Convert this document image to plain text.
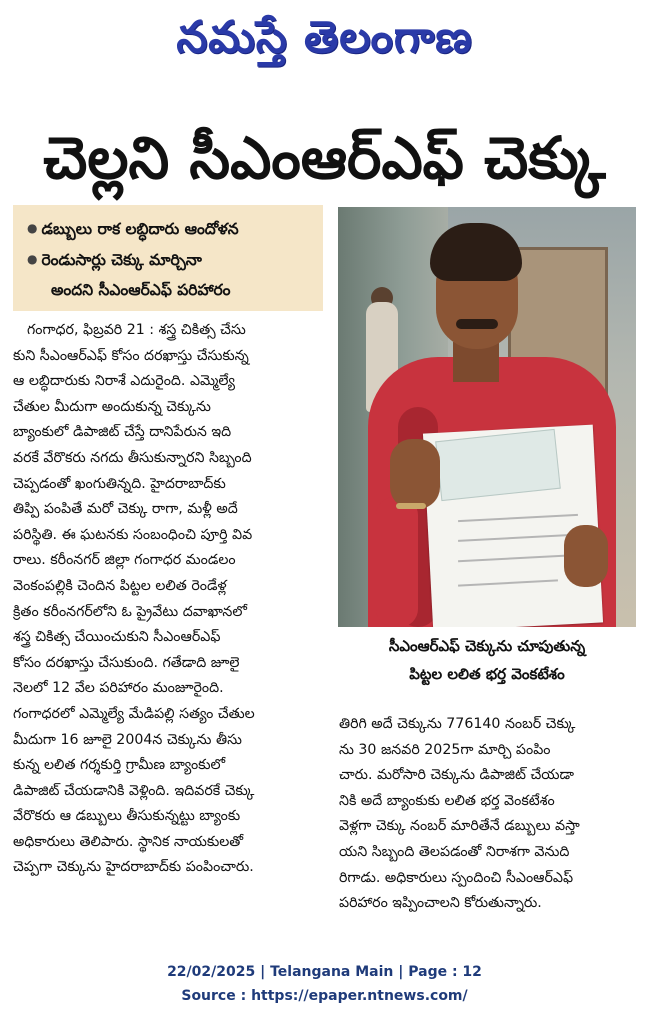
నమస్తే తెలంగాణ
చెల్లని సీఎంఆర్‌ఎఫ్ చెక్కు
● డబ్బులు రాక లబ్ధిదారు ఆందోళన
● రెండుసార్లు చెక్కు మార్చినా
అందని సీఎంఆర్‌ఎఫ్ పరిహారం
గంగాధర, ఫిబ్రవరి 21 : శస్త్ర చికిత్స చేసు
కుని సీఎంఆర్‌ఎఫ్ కోసం దరఖాస్తు చేసుకున్న
ఆ లబ్ధిదారుకు నిరాశే ఎదురైంది. ఎమ్మెల్యే
చేతుల మీదుగా అందుకున్న చెక్కును
బ్యాంకులో డిపాజిట్ చేస్తే దానిపేరున ఇది
వరకే వేరొకరు నగదు తీసుకున్నారని సిబ్బంది
చెప్పడంతో ఖంగుతిన్నది. హైదరాబాద్‌కు
తిప్పి పంపితే మరో చెక్కు రాగా, మళ్లీ అదే
పరిస్థితి. ఈ ఘటనకు సంబంధించి పూర్తి వివ
రాలు. కరీంనగర్ జిల్లా గంగాధర మండలం
వెంకంపల్లికి చెందిన పిట్టల లలిత రెండేళ్ల
క్రితం కరీంనగర్‌లోని ఓ ప్రైవేటు దవాఖానలో
శస్త్ర చికిత్స చేయించుకుని సీఎంఆర్‌ఎఫ్
కోసం దరఖాస్తు చేసుకుంది. గతేడాది జూలై
నెలలో 12 వేల పరిహారం మంజూరైంది.
గంగాధరలో ఎమ్మెల్యే మేడిపల్లి సత్యం చేతుల
మీదుగా 16 జూలై 2004న చెక్కును తీసు
కున్న లలిత గర్శకుర్తి గ్రామీణ బ్యాంకులో
డిపాజిట్ చేయడానికి వెళ్లింది. ఇదివరకే చెక్కు
వేరొకరు ఆ డబ్బులు తీసుకున్నట్టు బ్యాంకు
అధికారులు తెలిపారు. స్థానిక నాయకులతో
చెప్పగా చెక్కును హైదరాబాద్‌కు పంపించారు.
సీఎంఆర్‌ఎఫ్ చెక్కును చూపుతున్న
పిట్టల లలిత భర్త వెంకటేశం
తిరిగి అదే చెక్కును 776140 నంబర్ చెక్కు
ను 30 జనవరి 2025గా మార్చి పంపిం
చారు. మరోసారి చెక్కును డిపాజిట్ చేయడా
నికి అదే బ్యాంకుకు లలిత భర్త వెంకటేశం
వెళ్లగా చెక్కు నంబర్ మారితేనే డబ్బులు వస్తా
యని సిబ్బంది తెలపడంతో నిరాశగా వెనుది
రిగాడు. అధికారులు స్పందించి సీఎంఆర్‌ఎఫ్
పరిహారం ఇప్పించాలని కోరుతున్నారు.
22/02/2025 | Telangana Main | Page : 12
Source : https://epaper.ntnews.com/
